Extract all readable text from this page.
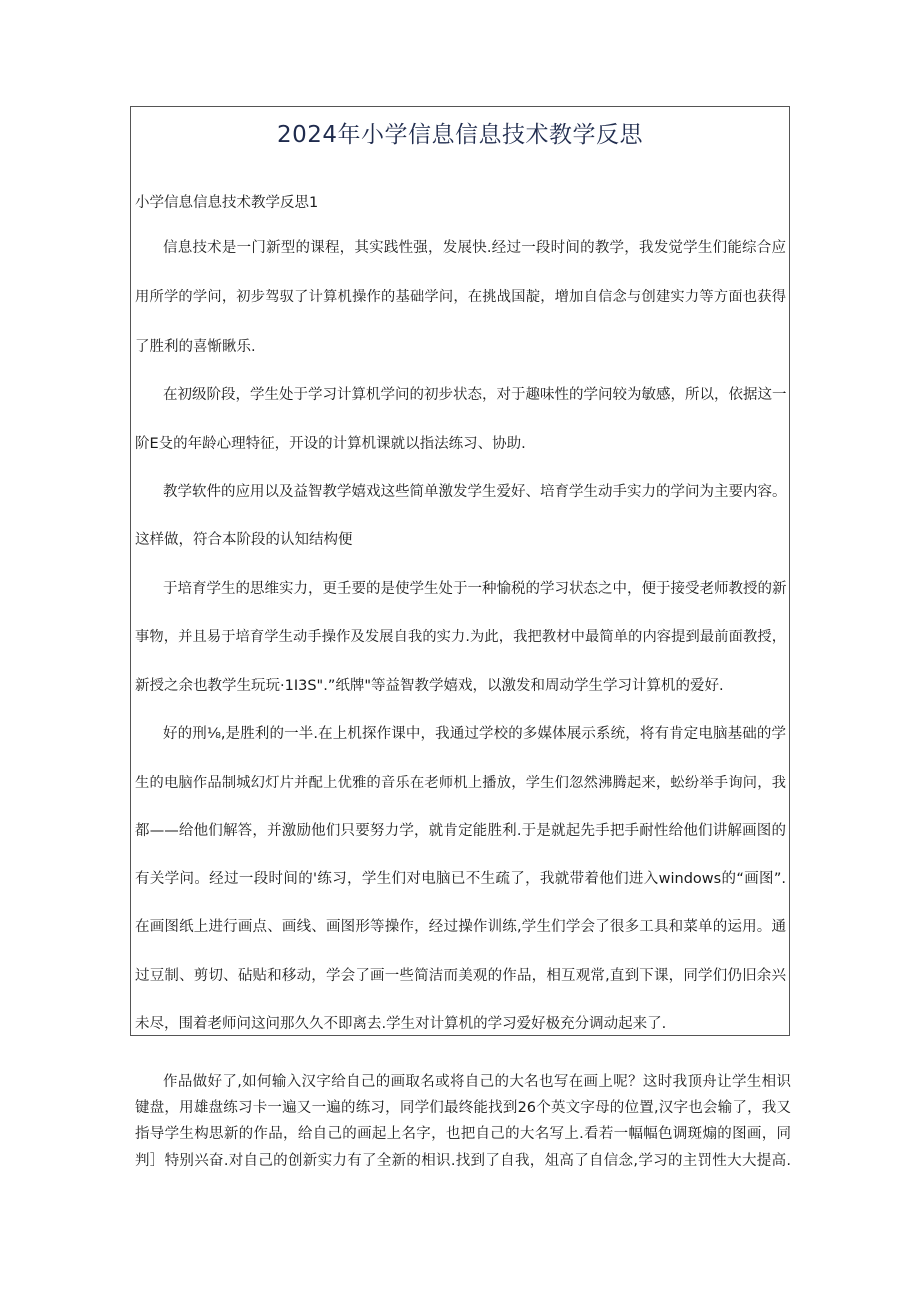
2024年小学信息信息技术教学反思
小学信息信息技术教学反思1
信息技术是一门新型的课程，其实践性强，发展快.经过一段时间的教学，我发觉学生们能综合应
用所学的学问，初步驾驭了计算机操作的基础学问，在挑战国靛，增加自信念与创建实力等方面也获得
了胜利的喜惭瞅乐.
在初级阶段，学生处于学习计算机学问的初步状态，对于趣味性的学问较为敏感，所以，依据这一
阶E殳的年龄心理特征，开设的计算机课就以指法练习、协助.
教学软件的应用以及益智教学嬉戏这些简单激发学生爱好、培育学生动手实力的学问为主要内容。
这样做，符合本阶段的认知结构便
于培育学生的思维实力，更壬要的是使学生处于一种愉税的学习状态之中，便于接受老师教授的新
事物，并且易于培育学生动手操作及发展自我的实力.为此，我把教材中最简单的内容提到最前面教授，
新授之余也教学生玩玩·1I3S".”纸牌"等益智教学嬉戏，以激发和周动学生学习计算机的爱好.
好的刑⅛,是胜利的一半.在上机探作课中，我通过学校的多媒体展示系统，将有肯定电脑基础的学
生的电脑作品制城幻灯片并配上优雅的音乐在老师机上播放，学生们忽然沸腾起来，蚣纷举手询问，我
都——给他们解答，并激励他们只要努力学，就肯定能胜利.于是就起先手把手耐性给他们讲解画图的
有关学问。经过一段时间的'练习，学生们对电脑已不生疏了，我就带着他们进入windows的“画图”.
在画图纸上进行画点、画线、画图形等操作，经过操作训练,学生们学会了很多工具和菜单的运用。通
过豆制、剪切、砧贴和移动，学会了画一些简洁而美观的作品，相互观常,直到下课，同学们仍旧余兴
未尽，围着老师问这问那久久不即离去.学生对计算机的学习爱好极充分调动起来了.
作品做好了,如何输入汉字给自己的画取名或将自己的大名也写在画上呢？这时我顶舟让学生相识
键盘，用雄盘练习卡一遍又一遍的练习，同学们最终能找到26个英文字母的位置,汉字也会输了，我又
指导学生构思新的作品，给自己的画起上名字，也把自己的大名写上.看若一幅幅色调斑煽的图画，同
判］特别兴奋.对自己的创新实力有了全新的相识.找到了自我，俎高了自信念,学习的主罚性大大提高.
